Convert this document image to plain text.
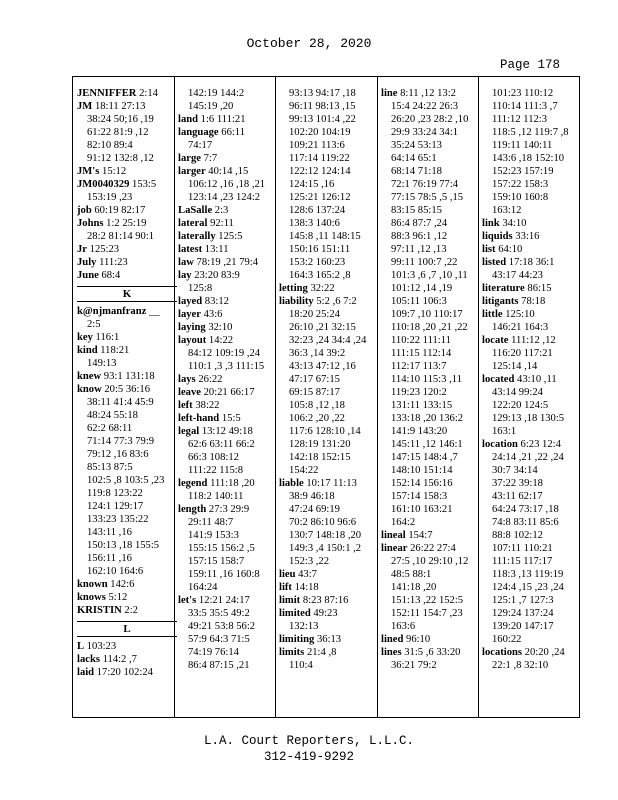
October 28, 2020
Page 178
JENNIFFER 2:14
JM 18:11 27:13
38:24 50;16 ,19
61:22 81:9 ,12
82:10 89:4
91:12 132:8 ,12
JM's 15:12
JM0040329 153:5
153:19 ,23
job 60:19 82:17
Johns 1:2 25:19
28:2 81:14 90:1
Jr 125:23
July 111:23
June 68:4
K
k@njmanfranz __
2:5
key 116:1
kind 118:21
149:13
knew 93:1 131:18
know 20:5 36:16
38:11 41:4 45:9
48:24 55:18
62:2 68:11
71:14 77:3 79:9
79:12 ,16 83:6
85:13 87:5
102:5 ,8 103:5 ,23
119:8 123:22
124:1 129:17
133:23 135:22
143:11 ,16
150:13 ,18 155:5
156:11 ,16
162:10 164:6
known 142:6
knows 5:12
KRISTIN 2:2
L
L 103:23
lacks 114:2 ,7
laid 17:20 102:24
142:19 144:2
145:19 ,20
land 1:6 111:21
language 66:11
74:17
large 7:7
larger 40:14 ,15
106:12 ,16 ,18 ,21
123:14 ,23 124:2
LaSalle 2:3
lateral 92:11
laterally 125:5
latest 13:11
law 78:19 ,21 79:4
lay 23:20 83:9
125:8
layed 83:12
layer 43:6
laying 32:10
layout 14:22
84:12 109:19 ,24
110:1 ,3 ,3 111:15
lays 26:22
leave 20:21 66:17
left 38:22
left-hand 15:5
legal 13:12 49:18
62:6 63:11 66:2
66:3 108:12
111:22 115:8
legend 111:18 ,20
118:2 140:11
length 27:3 29:9
29:11 48:7
141:9 153:3
155:15 156:2 ,5
157:15 158:7
159:11 ,16 160:8
164:24
let's 12:21 24:17
33:5 35:5 49:2
49:21 53:8 56:2
57:9 64:3 71:5
74:19 76:14
86:4 87:15 ,21
93:13 94:17 ,18
96:11 98:13 ,15
99:13 101:4 ,22
102:20 104:19
109:21 113:6
117:14 119:22
122:12 124:14
124:15 ,16
125:21 126:12
128:6 137:24
138:3 140:6
145:8 ,11 148:15
150:16 151:11
153:2 160:23
164:3 165:2 ,8
letting 32:22
liability 5:2 ,6 7:2
18:20 25:24
26:10 ,21 32:15
32:23 ,24 34:4 ,24
36:3 ,14 39:2
43:13 47:12 ,16
47:17 67:15
69:15 87:17
105:8 ,12 ,18
106:2 ,20 ,22
117:6 128:10 ,14
128:19 131:20
142:18 152:15
154:22
liable 10:17 11:13
38:9 46:18
47:24 69:19
70:2 86:10 96:6
130:7 148:18 ,20
149:3 ,4 150:1 ,2
152:3 ,22
lieu 43:7
lift 14:18
limit 8:23 87:16
limited 49:23
132:13
limiting 36:13
limits 21:4 ,8
110:4
line 8:11 ,12 13:2
15:4 24:22 26:3
26:20 ,23 28:2 ,10
29:9 33:24 34:1
35:24 53:13
64:14 65:1
68:14 71:18
72:1 76:19 77:4
77:15 78:5 ,5 ,15
83:15 85:15
86:4 87:7 ,24
88:3 96:1 ,12
97:11 ,12 ,13
99:11 100:7 ,22
101:3 ,6 ,7 ,10 ,11
101:12 ,14 ,19
105:11 106:3
109:7 ,10 110:17
110:18 ,20 ,21 ,22
110:22 111:11
111:15 112:14
112:17 113:7
114:10 115:3 ,11
119:23 120:2
131:11 133:15
133:18 ,20 136:2
141:9 143:20
145:11 ,12 146:1
147:15 148:4 ,7
148:10 151:14
152:14 156:16
157:14 158:3
161:10 163:21
164:2
lineal 154:7
linear 26:22 27:4
27:5 ,10 29:10 ,12
48:5 88:1
141:18 ,20
151:13 ,22 152:5
152:11 154:7 ,23
163:6
lined 96:10
lines 31:5 ,6 33:20
36:21 79:2
101:23 110:12
110:14 111:3 ,7
111:12 112:3
118:5 ,12 119:7 ,8
119:11 140:11
143:6 ,18 152:10
152:23 157:19
157:22 158:3
159:10 160:8
163:12
link 34:10
liquids 33:16
list 64:10
listed 17:18 36:1
43:17 44:23
literature 86:15
litigants 78:18
little 125:10
146:21 164:3
locate 111:12 ,12
116:20 117:21
125:14 ,14
located 43:10 ,11
43:14 99:24
122:20 124:5
129:13 ,18 130:5
163:1
location 6:23 12:4
24:14 ,21 ,22 ,24
30:7 34:14
37:22 39:18
43:11 62:17
64:24 73:17 ,18
74:8 83:11 85:6
88:8 102:12
107:11 110:21
111:15 117:17
118:3 ,13 119:19
124:4 ,15 ,23 ,24
125:1 ,7 127:3
129:24 137:24
139:20 147:17
160:22
locations 20:20 ,24
22:1 ,8 32:10
L.A. Court Reporters, L.L.C.
312-419-9292
